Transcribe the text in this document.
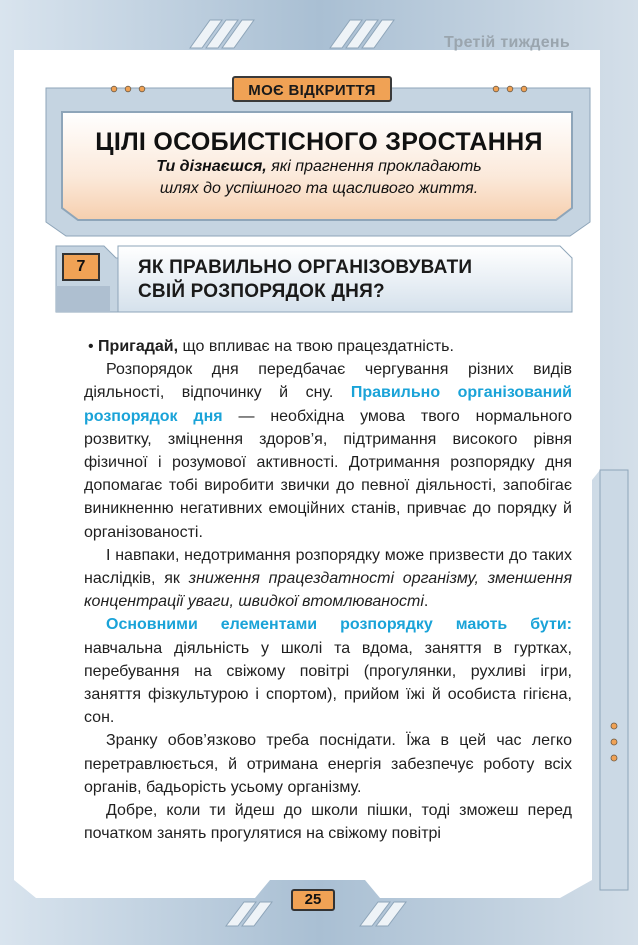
Третій тиждень
МОЄ ВІДКРИТТЯ
ЦІЛІ ОСОБИСТІСНОГО ЗРОСТАННЯ
Ти дізнаєшся, які прагнення прокладають
шлях до успішного та щасливого життя.
7	ЯК ПРАВИЛЬНО ОРГАНІЗОВУВАТИ
СВІЙ РОЗПОРЯДОК ДНЯ?

• Пригадай, що впливає на твою працездатність.

Розпорядок дня передбачає чергування різних видів діяльності, відпочинку й сну. Правильно організований розпорядок дня — необхідна умова твого нормального розвитку, зміцнення здоров’я, підтримання високого рівня фізичної і розумової активності. Дотримання розпорядку дня допомагає тобі виробити звички до певної діяльності, запобігає виникненню негативних емоційних станів, привчає до порядку й організованості.

І навпаки, недотримання розпорядку може призвести до таких наслідків, як зниження працездатності організму, зменшення концентрації уваги, швидкої втомлюваності.

Основними елементами розпорядку мають бути: навчальна діяльність у школі та вдома, заняття в гуртках, перебування на свіжому повітрі (прогулянки, рухливі ігри, заняття фізкультурою і спортом), прийом їжі й особиста гігієна, сон.

Зранку обов’язково треба поснідати. Їжа в цей час легко перетравлюється, й отримана енергія забезпечує роботу всіх органів, бадьорість усьому організму.

Добре, коли ти йдеш до школи пішки, тоді зможеш перед початком занять прогулятися на свіжому повітрі

25
